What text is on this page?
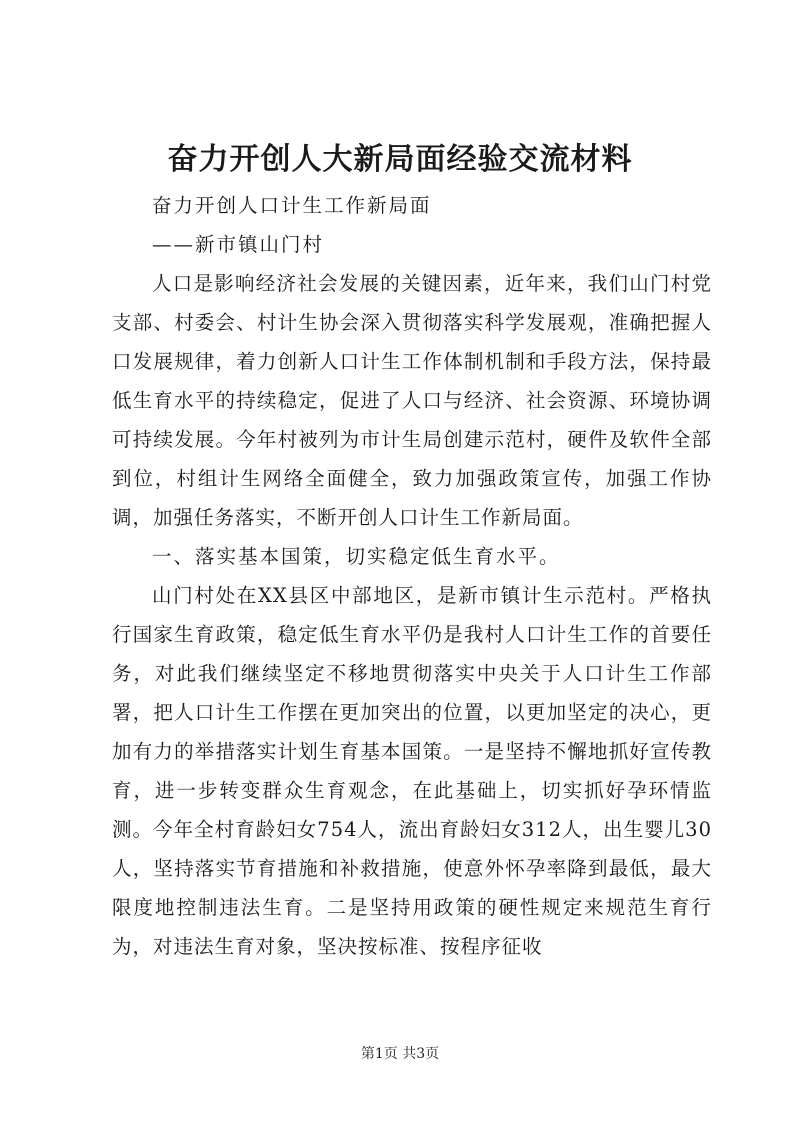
奋力开创人大新局面经验交流材料

奋力开创人口计生工作新局面

——新市镇山门村

人口是影响经济社会发展的关键因素，近年来，我们山门村党支部、村委会、村计生协会深入贯彻落实科学发展观，准确把握人口发展规律，着力创新人口计生工作体制机制和手段方法，保持最低生育水平的持续稳定，促进了人口与经济、社会资源、环境协调可持续发展。今年村被列为市计生局创建示范村，硬件及软件全部到位，村组计生网络全面健全，致力加强政策宣传，加强工作协调，加强任务落实，不断开创人口计生工作新局面。

一、落实基本国策，切实稳定低生育水平。

山门村处在XX县区中部地区，是新市镇计生示范村。严格执行国家生育政策，稳定低生育水平仍是我村人口计生工作的首要任务，对此我们继续坚定不移地贯彻落实中央关于人口计生工作部署，把人口计生工作摆在更加突出的位置，以更加坚定的决心，更加有力的举措落实计划生育基本国策。一是坚持不懈地抓好宣传教育，进一步转变群众生育观念，在此基础上，切实抓好孕环情监测。今年全村育龄妇女754人，流出育龄妇女312人，出生婴儿30人，坚持落实节育措施和补救措施，使意外怀孕率降到最低，最大限度地控制违法生育。二是坚持用政策的硬性规定来规范生育行为，对违法生育对象，坚决按标准、按程序征收

第1页 共3页
